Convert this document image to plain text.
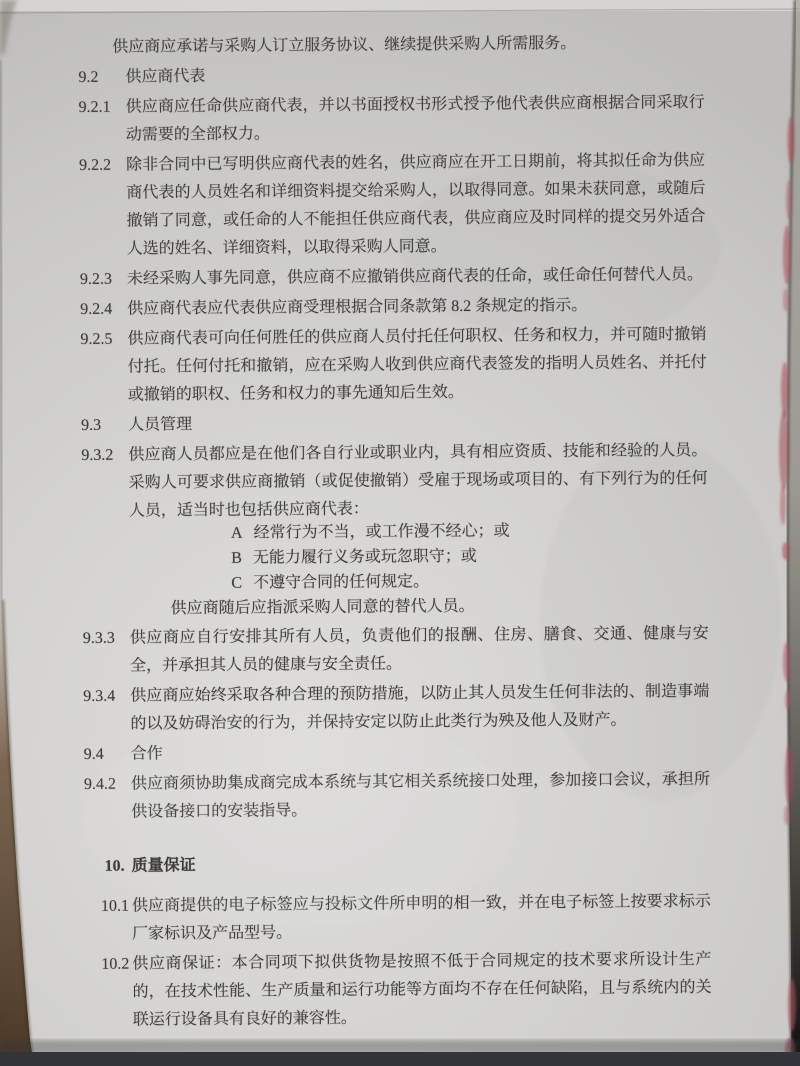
供应商应承诺与采购人订立服务协议、继续提供采购人所需服务。
9.2	供应商代表
9.2.1 供应商应任命供应商代表，并以书面授权书形式授予他代表供应商根据合同采取行动需要的全部权力。
9.2.2 除非合同中已写明供应商代表的姓名，供应商应在开工日期前，将其拟任命为供应商代表的人员姓名和详细资料提交给采购人，以取得同意。如果未获同意，或随后撤销了同意，或任命的人不能担任供应商代表，供应商应及时同样的提交另外适合人选的姓名、详细资料，以取得采购人同意。
9.2.3 未经采购人事先同意，供应商不应撤销供应商代表的任命，或任命任何替代人员。
9.2.4 供应商代表应代表供应商受理根据合同条款第 8.2 条规定的指示。
9.2.5 供应商代表可向任何胜任的供应商人员付托任何职权、任务和权力，并可随时撤销付托。任何付托和撤销，应在采购人收到供应商代表签发的指明人员姓名、并托付或撤销的职权、任务和权力的事先通知后生效。
9.3	人员管理
9.3.2 供应商人员都应是在他们各自行业或职业内，具有相应资质、技能和经验的人员。采购人可要求供应商撤销（或促使撤销）受雇于现场或项目的、有下列行为的任何人员，适当时也包括供应商代表：
A 经常行为不当，或工作漫不经心；或
B 无能力履行义务或玩忽职守；或
C 不遵守合同的任何规定。
供应商随后应指派采购人同意的替代人员。
9.3.3 供应商应自行安排其所有人员，负责他们的报酬、住房、膳食、交通、健康与安全，并承担其人员的健康与安全责任。
9.3.4 供应商应始终采取各种合理的预防措施，以防止其人员发生任何非法的、制造事端的以及妨碍治安的行为，并保持安定以防止此类行为殃及他人及财产。
9.4	合作
9.4.2 供应商须协助集成商完成本系统与其它相关系统接口处理，参加接口会议，承担所供设备接口的安装指导。
10. 质量保证
10.1 供应商提供的电子标签应与投标文件所申明的相一致，并在电子标签上按要求标示厂家标识及产品型号。
10.2 供应商保证：本合同项下拟供货物是按照不低于合同规定的技术要求所设计生产的，在技术性能、生产质量和运行功能等方面均不存在任何缺陷，且与系统内的关联运行设备具有良好的兼容性。
